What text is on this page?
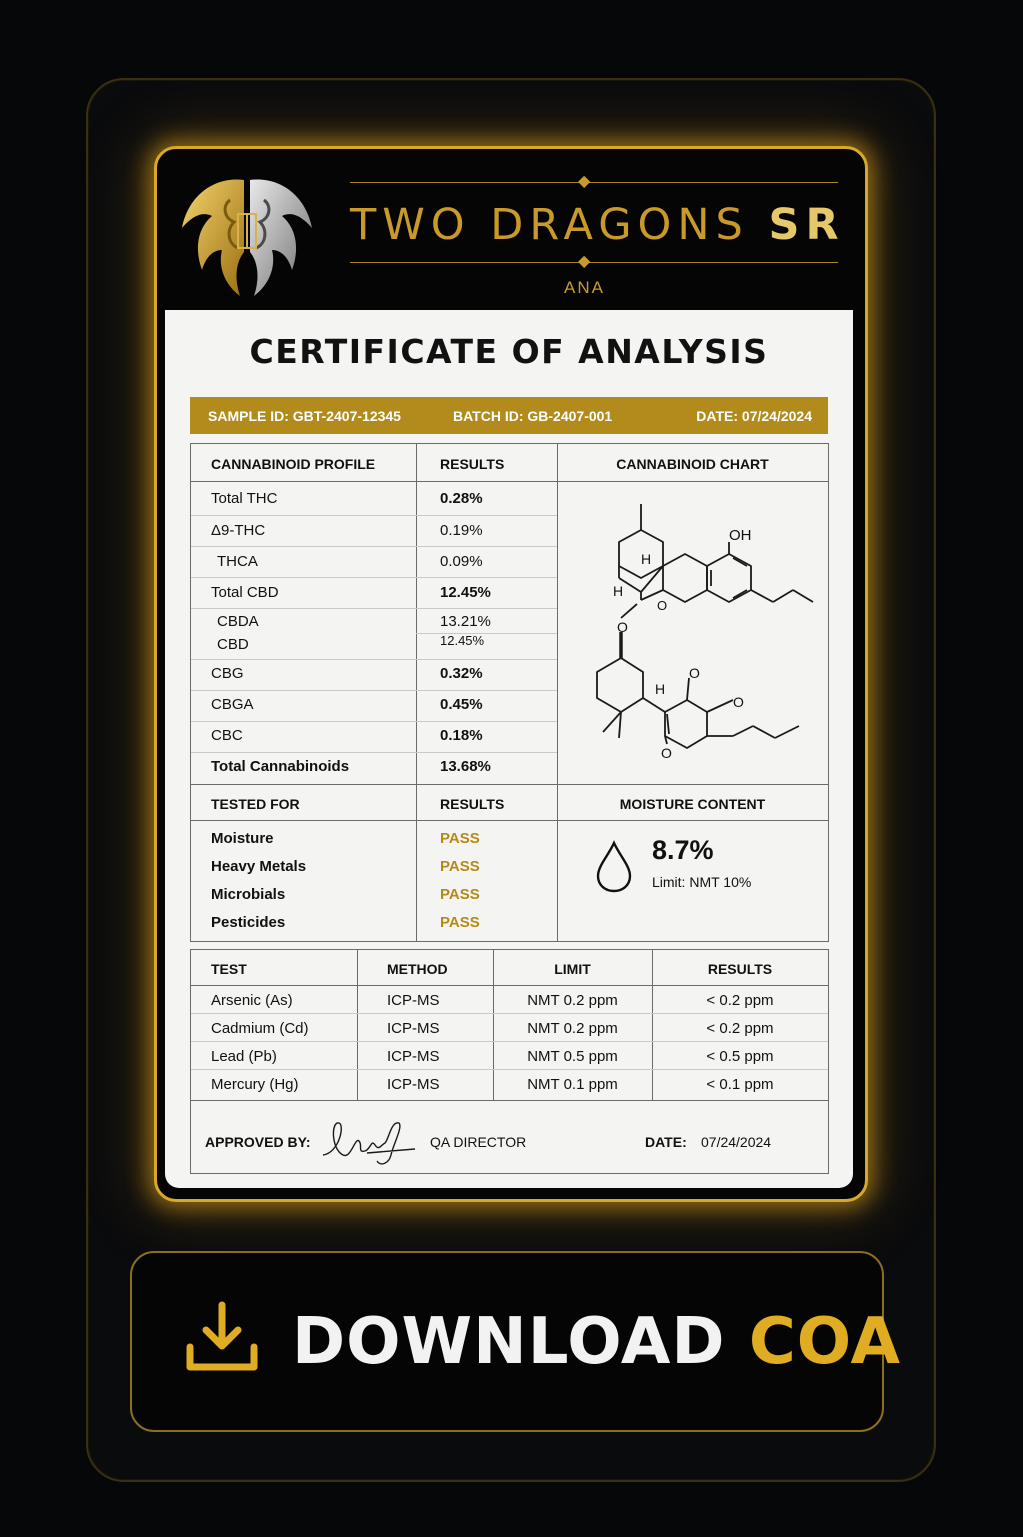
◆
TWO DRAGONS SR
◆
ANA
CERTIFICATE OF ANALYSIS
SAMPLE ID: GBT-2407-12345	BATCH ID: GB-2407-001	DATE: 07/24/2024
CANNABINOID PROFILE	RESULTS	CANNABINOID CHART
Total THC	0.28%
Δ9-THC	0.19%
THCA	0.09%
Total CBD	12.45%
CBDA	13.21%
CBD	12.45%
CBG	0.32%
CBGA	0.45%
CBC	0.18%
Total Cannabinoids	13.68%
OH
H
H
O
O
H
O
O
O
TESTED FOR	RESULTS	MOISTURE CONTENT
Moisture	PASS
Heavy Metals	PASS
Microbials	PASS
Pesticides	PASS
8.7%
Limit: NMT 10%
TEST	METHOD	LIMIT	RESULTS
Arsenic (As)	ICP-MS	NMT 0.2 ppm	< 0.2 ppm
Cadmium (Cd)	ICP-MS	NMT 0.2 ppm	< 0.2 ppm
Lead (Pb)	ICP-MS	NMT 0.5 ppm	< 0.5 ppm
Mercury (Hg)	ICP-MS	NMT 0.1 ppm	< 0.1 ppm
APPROVED BY:	QA DIRECTOR	DATE: 07/24/2024
DOWNLOAD COA
